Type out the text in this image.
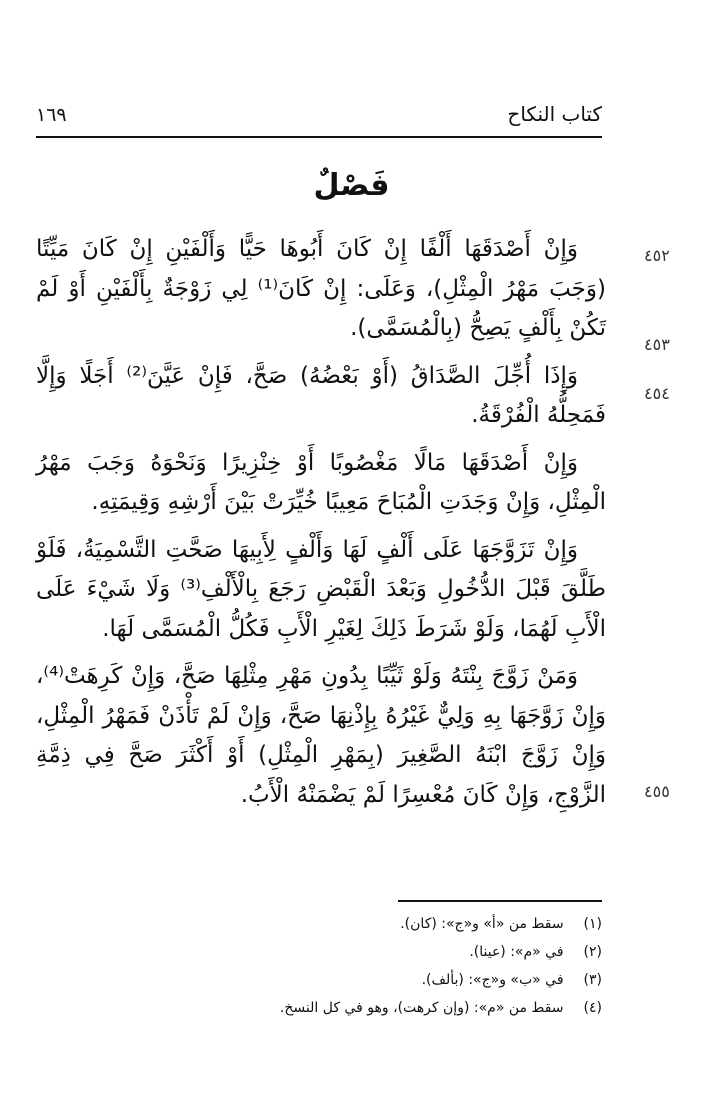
١٦٩	كتاب النكاح
فَصْلٌ
٤٥٢
٤٥٣
٤٥٤
٤٥٥

وَإِنْ أَصْدَقَهَا أَلْفًا إِنْ كَانَ أَبُوهَا حَيًّا وَأَلْفَيْنِ إِنْ كَانَ مَيِّتًا (وَجَبَ مَهْرُ الْمِثْلِ)، وَعَلَى: إِنْ كَانَ⁽¹⁾ لِي زَوْجَةٌ بِأَلْفَيْنِ أَوْ لَمْ تَكُنْ بِأَلْفٍ يَصِحُّ (بِالْمُسَمَّى).

وَإِذَا أُجِّلَ الصَّدَاقُ (أَوْ بَعْضُهُ) صَحَّ، فَإِنْ عَيَّنَ⁽²⁾ أَجَلًا وَإِلَّا فَمَحِلُّهُ الْفُرْقَةُ.

وَإِنْ أَصْدَقَهَا مَالًا مَغْصُوبًا أَوْ خِنْزِيرًا وَنَحْوَهُ وَجَبَ مَهْرُ الْمِثْلِ، وَإِنْ وَجَدَتِ الْمُبَاحَ مَعِيبًا خُيِّرَتْ بَيْنَ أَرْشِهِ وَقِيمَتِهِ.

وَإِنْ تَزَوَّجَهَا عَلَى أَلْفٍ لَهَا وَأَلْفٍ لِأَبِيهَا صَحَّتِ التَّسْمِيَةُ، فَلَوْ طَلَّقَ قَبْلَ الدُّخُولِ وَبَعْدَ الْقَبْضِ رَجَعَ بِالْأَلْفِ⁽³⁾ وَلَا شَيْءَ عَلَى الْأَبِ لَهُمَا، وَلَوْ شَرَطَ ذَلِكَ لِغَيْرِ الْأَبِ فَكُلُّ الْمُسَمَّى لَهَا.

وَمَنْ زَوَّجَ بِنْتَهُ وَلَوْ ثَيِّبًا بِدُونِ مَهْرِ مِثْلِهَا صَحَّ، وَإِنْ كَرِهَتْ⁽⁴⁾، وَإِنْ زَوَّجَهَا بِهِ وَلِيٌّ غَيْرُهُ بِإِذْنِهَا صَحَّ، وَإِنْ لَمْ تَأْذَنْ فَمَهْرُ الْمِثْلِ، وَإِنْ زَوَّجَ ابْنَهُ الصَّغِيرَ (بِمَهْرِ الْمِثْلِ) أَوْ أَكْثَرَ صَحَّ فِي ذِمَّةِ الزَّوْجِ، وَإِنْ كَانَ مُعْسِرًا لَمْ يَضْمَنْهُ الْأَبُ.

(١) سقط من «أ» و«ج»: (كان).
(٢) في «م»: (عينا).
(٣) في «ب» و«ج»: (بألف).
(٤) سقط من «م»: (وإن كرهت)، وهو في كل النسخ.
